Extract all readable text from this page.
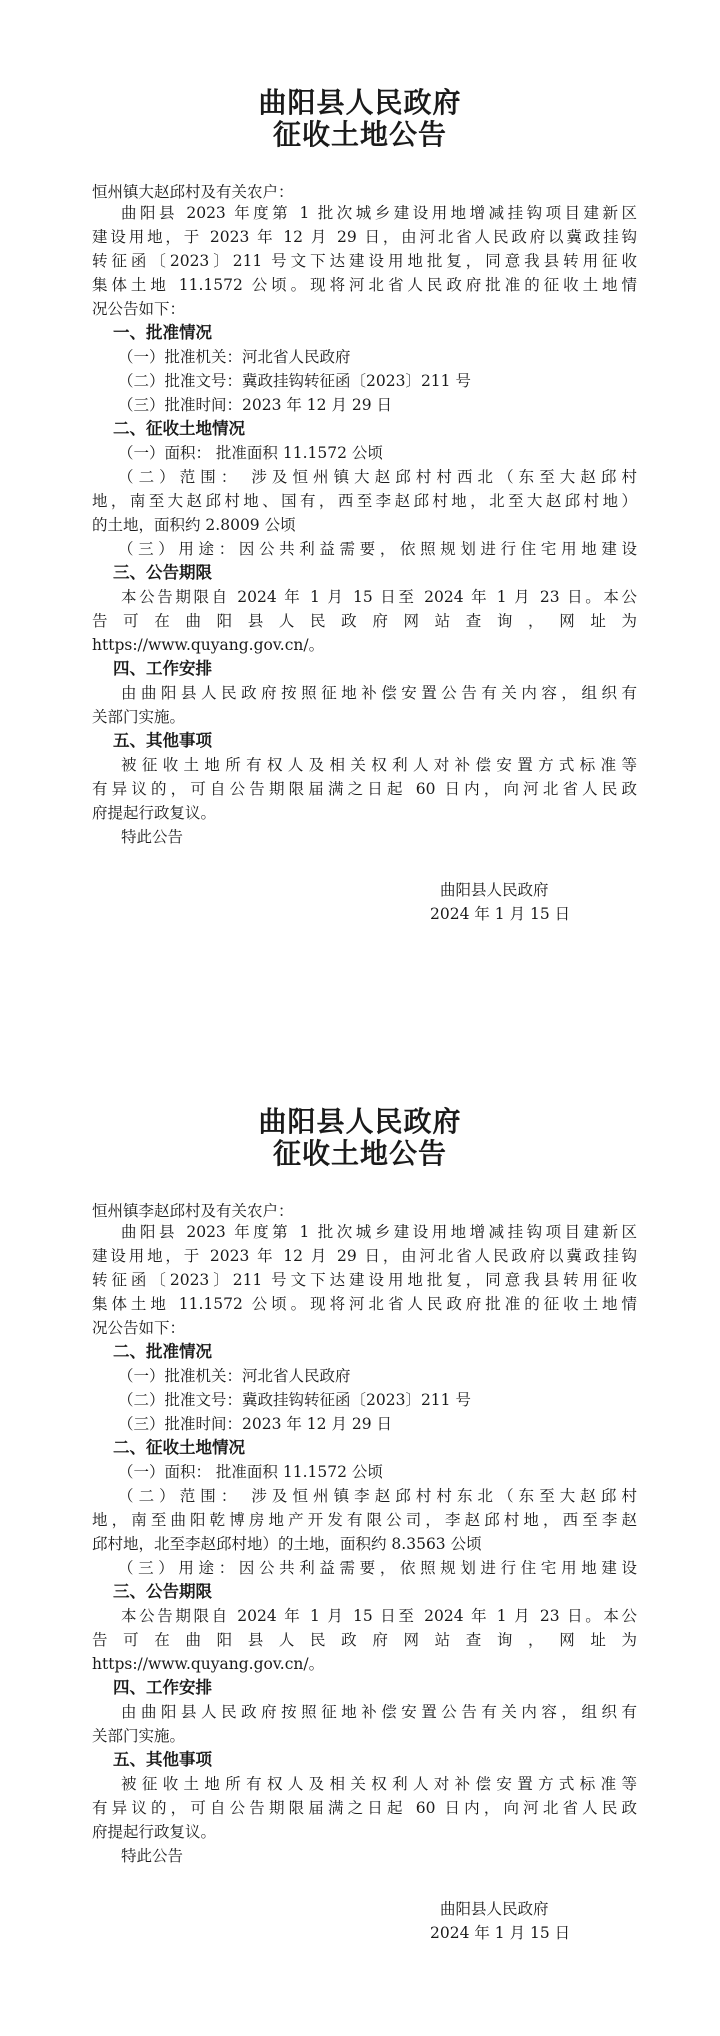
曲阳县人民政府
征收土地公告
恒州镇大赵邱村及有关农户：
曲阳县 2023 年度第 1 批次城乡建设用地增减挂钩项目建新区
建设用地，于 2023 年 12 月 29 日，由河北省人民政府以冀政挂钩
转征函〔2023〕211 号文下达建设用地批复，同意我县转用征收
集体土地 11.1572 公顷。现将河北省人民政府批准的征收土地情
况公告如下：
一、批准情况
（一）批准机关：河北省人民政府
（二）批准文号：冀政挂钩转征函〔2023〕211 号
（三）批准时间：2023 年 12 月 29 日
二、征收土地情况
（一）面积： 批准面积 11.1572 公顷
（二）范围： 涉及恒州镇大赵邱村村西北（东至大赵邱村
地，南至大赵邱村地、国有，西至李赵邱村地，北至大赵邱村地）
的土地，面积约 2.8009 公顷
（三）用途：因公共利益需要，依照规划进行住宅用地建设
三、公告期限
本公告期限自 2024 年 1 月 15 日至 2024 年 1 月 23 日。本公
告可在曲阳县人民政府网站查询，网址为
https://www.quyang.gov.cn/。
四、工作安排
由曲阳县人民政府按照征地补偿安置公告有关内容，组织有
关部门实施。
五、其他事项
被征收土地所有权人及相关权利人对补偿安置方式标准等
有异议的，可自公告期限届满之日起 60 日内，向河北省人民政
府提起行政复议。
特此公告
曲阳县人民政府
2024 年 1 月 15 日
曲阳县人民政府
征收土地公告
恒州镇李赵邱村及有关农户：
曲阳县 2023 年度第 1 批次城乡建设用地增减挂钩项目建新区
建设用地，于 2023 年 12 月 29 日，由河北省人民政府以冀政挂钩
转征函〔2023〕211 号文下达建设用地批复，同意我县转用征收
集体土地 11.1572 公顷。现将河北省人民政府批准的征收土地情
况公告如下：
二、批准情况
（一）批准机关：河北省人民政府
（二）批准文号：冀政挂钩转征函〔2023〕211 号
（三）批准时间：2023 年 12 月 29 日
二、征收土地情况
（一）面积： 批准面积 11.1572 公顷
（二）范围： 涉及恒州镇李赵邱村村东北（东至大赵邱村
地，南至曲阳乾博房地产开发有限公司，李赵邱村地，西至李赵
邱村地，北至李赵邱村地）的土地，面积约 8.3563 公顷
（三）用途：因公共利益需要，依照规划进行住宅用地建设
三、公告期限
本公告期限自 2024 年 1 月 15 日至 2024 年 1 月 23 日。本公
告可在曲阳县人民政府网站查询，网址为
https://www.quyang.gov.cn/。
四、工作安排
由曲阳县人民政府按照征地补偿安置公告有关内容，组织有
关部门实施。
五、其他事项
被征收土地所有权人及相关权利人对补偿安置方式标准等
有异议的，可自公告期限届满之日起 60 日内，向河北省人民政
府提起行政复议。
特此公告
曲阳县人民政府
2024 年 1 月 15 日
